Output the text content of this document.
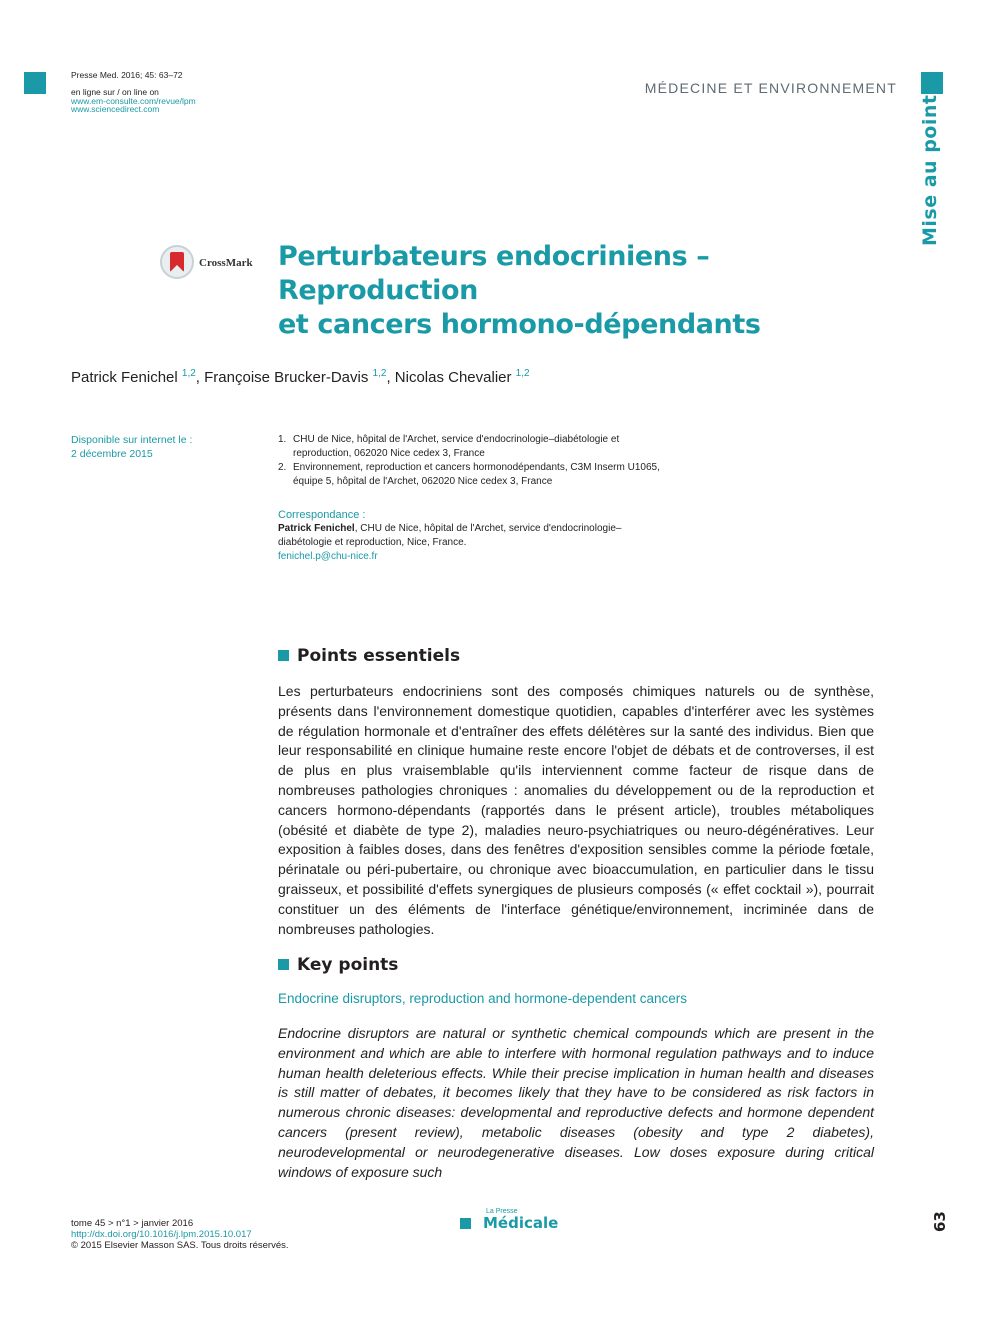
Presse Med. 2016; 45: 63–72
en ligne sur / on line on
www.em-consulte.com/revue/lpm
www.sciencedirect.com
MÉDECINE ET ENVIRONNEMENT
Mise au point
CrossMark Perturbateurs endocriniens – Reproduction
et cancers hormono-dépendants
Patrick Fenichel $^{1,2}$, Françoise Brucker-Davis $^{1,2}$, Nicolas Chevalier $^{1,2}$
Disponible sur internet le :
2 décembre 2015
1. CHU de Nice, hôpital de l'Archet, service d'endocrinologie–diabétologie et reproduction, 062020 Nice cedex 3, France
2. Environnement, reproduction et cancers hormonodépendants, C3M Inserm U1065, équipe 5, hôpital de l'Archet, 062020 Nice cedex 3, France
Correspondance :
Patrick Fenichel, CHU de Nice, hôpital de l'Archet, service d'endocrinologie–diabétologie et reproduction, Nice, France.
fenichel.p@chu-nice.fr
Points essentiels
Les perturbateurs endocriniens sont des composés chimiques naturels ou de synthèse, présents dans l'environnement domestique quotidien, capables d'interférer avec les systèmes de régulation hormonale et d'entraîner des effets délétères sur la santé des individus. Bien que leur responsabilité en clinique humaine reste encore l'objet de débats et de controverses, il est de plus en plus vraisemblable qu'ils interviennent comme facteur de risque dans de nombreuses pathologies chroniques : anomalies du développement ou de la reproduction et cancers hormono-dépendants (rapportés dans le présent article), troubles métaboliques (obésité et diabète de type 2), maladies neuro-psychiatriques ou neuro-dégénératives. Leur exposition à faibles doses, dans des fenêtres d'exposition sensibles comme la période fœtale, périnatale ou péri-pubertaire, ou chronique avec bioaccumulation, en particulier dans le tissu graisseux, et possibilité d'effets synergiques de plusieurs composés (« effet cocktail »), pourrait constituer un des éléments de l'interface génétique/environnement, incriminée dans de nombreuses pathologies.
Key points
Endocrine disruptors, reproduction and hormone-dependent cancers
Endocrine disruptors are natural or synthetic chemical compounds which are present in the environment and which are able to interfere with hormonal regulation pathways and to induce human health deleterious effects. While their precise implication in human health and diseases is still matter of debates, it becomes likely that they have to be considered as risk factors in numerous chronic diseases: developmental and reproductive defects and hormone dependent cancers (present review), metabolic diseases (obesity and type 2 diabetes), neurodevelopmental or neurodegenerative diseases. Low doses exposure during critical windows of exposure such
tome 45 > n°1 > janvier 2016
http://dx.doi.org/10.1016/j.lpm.2015.10.017
© 2015 Elsevier Masson SAS. Tous droits réservés.
La Presse
Médicale	63
